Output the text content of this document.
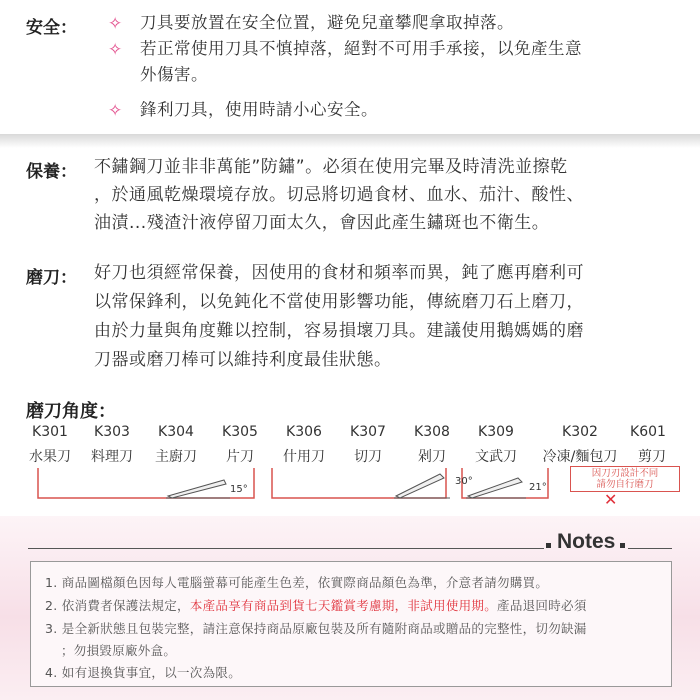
安全： ✧ 刀具要放置在安全位置，避免兒童攀爬拿取掉落。
✧ 若正常使用刀具不慎掉落，絕對不可用手承接，以免產生意
外傷害。
✧ 鋒利刀具，使用時請小心安全。
保養： 不鏽鋼刀並非非萬能”防鏽”。必須在使用完畢及時清洗並擦乾
，於通風乾燥環境存放。切忌將切過食材、血水、茄汁、酸性、
油漬...殘渣汁液停留刀面太久，會因此產生鏽斑也不衛生。
磨刀： 好刀也須經常保養，因使用的食材和頻率而異，鈍了應再磨利可
以常保鋒利，以免鈍化不當使用影響功能，傳統磨刀石上磨刀，
由於力量與角度難以控制，容易損壞刀具。建議使用鵝媽媽的磨
刀器或磨刀棒可以維持利度最佳狀態。
磨刀角度：
K301	K303	K304	K305	K306	K307	K308	K309	K302	K601
水果刀	料理刀	主廚刀	片刀	什用刀	切刀	剁刀	文武刀	冷凍/麵包刀	剪刀
15°
30°
21°
因刀刃設計不同
請勿自行磨刀
✕
Notes
1. 商品圖檔顏色因每人電腦螢幕可能產生色差，依實際商品顏色為準，介意者請勿購買。
2. 依消費者保護法規定，本產品享有商品到貨七天鑑賞考慮期，非試用使用期。產品退回時必須
3. 是全新狀態且包裝完整，請注意保持商品原廠包裝及所有隨附商品或贈品的完整性，切勿缺漏
；勿損毀原廠外盒。
4. 如有退換貨事宜，以一次為限。
